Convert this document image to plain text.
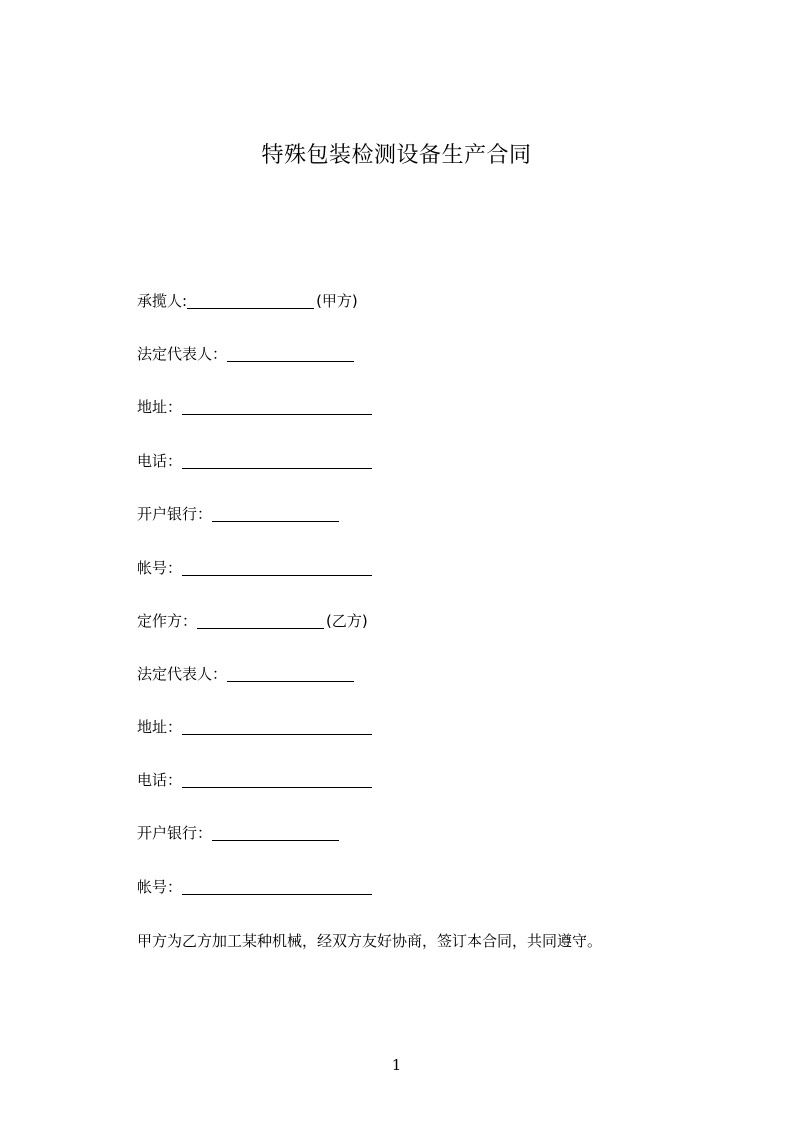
特殊包装检测设备生产合同
承揽人:	(甲方)
法定代表人：
地址：
电话：
开户银行：
帐号：
定作方：	(乙方)
法定代表人：
地址：
电话：
开户银行：
帐号：
甲方为乙方加工某种机械，经双方友好协商，签订本合同，共同遵守。
1
